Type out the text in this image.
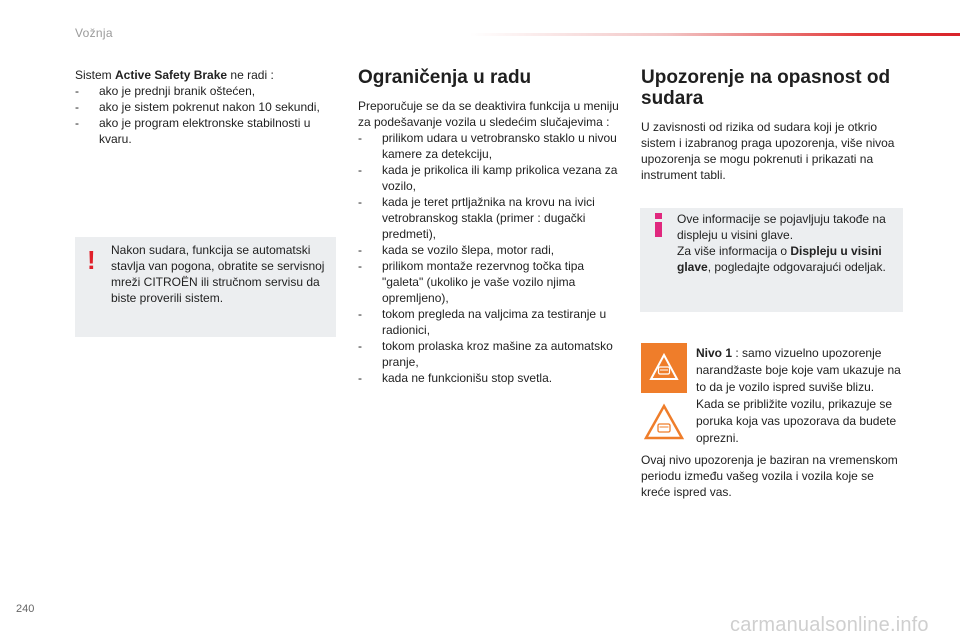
Vožnja

Sistem Active Safety Brake ne radi :

- ako je prednji branik oštećen,
- ako je sistem pokrenut nakon 10 sekundi,
- ako je program elektronske stabilnosti u kvaru.
! Nakon sudara, funkcija se automatski stavlja van pogona, obratite se servisnoj mreži CITROËN ili stručnom servisu da biste proverili sistem.
Ograničenja u radu

Preporučuje se da se deaktivira funkcija u meniju za podešavanje vozila u sledećim slučajevima :

- prilikom udara u vetrobransko staklo u nivou kamere za detekciju,
- kada je prikolica ili kamp prikolica vezana za vozilo,
- kada je teret prtljažnika na krovu na ivici vetrobranskog stakla (primer : dugački predmeti),
- kada se vozilo šlepa, motor radi,
- prilikom montaže rezervnog točka tipa "galeta" (ukoliko je vaše vozilo njima opremljeno),
- tokom pregleda na valjcima za testiranje u radionici,
- tokom prolaska kroz mašine za automatsko pranje,
- kada ne funkcionišu stop svetla.
Upozorenje na opasnost od sudara

U zavisnosti od rizika od sudara koji je otkrio sistem i izabranog praga upozorenja, više nivoa upozorenja se mogu pokrenuti i prikazati na instrument tabli.

Ove informacije se pojavljuju takođe na displeju u visini glave.

Za više informacija o Displeju u visini glave, pogledajte odgovarajući odeljak.

Nivo 1 : samo vizuelno upozorenje narandžaste boje koje vam ukazuje na to da je vozilo ispred suviše blizu. Kada se približite vozilu, prikazuje se poruka koja vas upozorava da budete oprezni.

Ovaj nivo upozorenja je baziran na vremenskom periodu između vašeg vozila i vozila koje se kreće ispred vas.

240
carmanualsonline.info
